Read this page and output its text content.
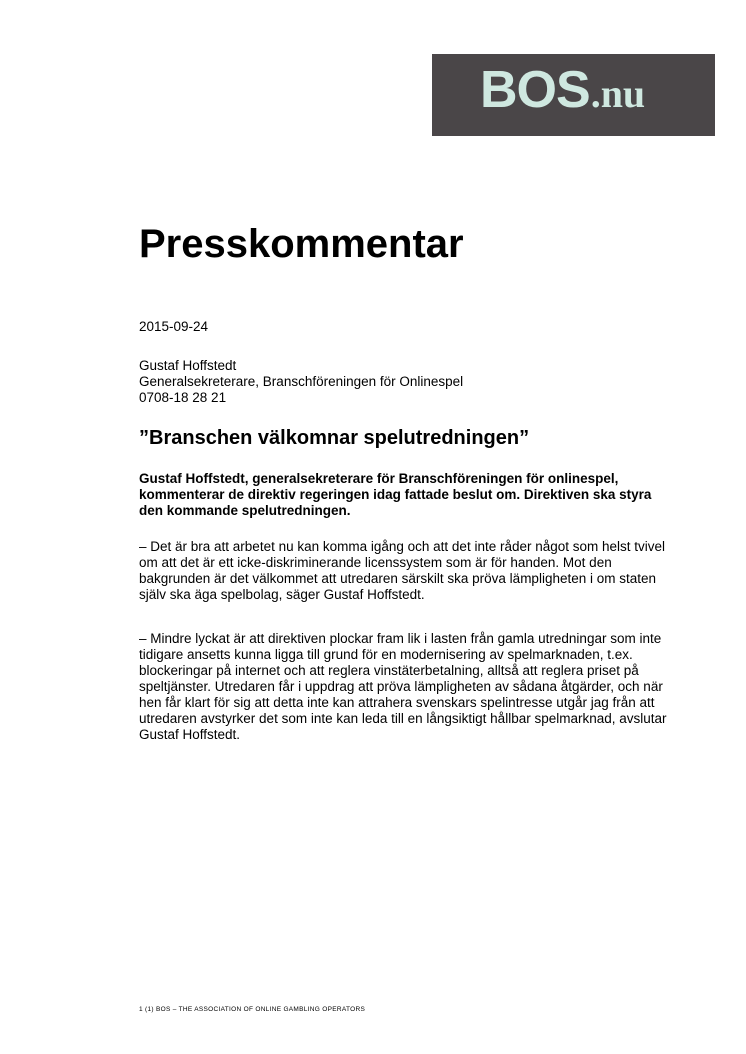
BOS.nu
Presskommentar
2015-09-24
Gustaf Hoffstedt
Generalsekreterare, Branschföreningen för Onlinespel
0708-18 28 21
”Branschen välkomnar spelutredningen”

Gustaf Hoffstedt, generalsekreterare för Branschföreningen för onlinespel, kommenterar de direktiv regeringen idag fattade beslut om. Direktiven ska styra den kommande spelutredningen.

– Det är bra att arbetet nu kan komma igång och att det inte råder något som helst tvivel om att det är ett icke-diskriminerande licenssystem som är för handen. Mot den bakgrunden är det välkommet att utredaren särskilt ska pröva lämpligheten i om staten själv ska äga spelbolag, säger Gustaf Hoffstedt.

– Mindre lyckat är att direktiven plockar fram lik i lasten från gamla utredningar som inte tidigare ansetts kunna ligga till grund för en modernisering av spelmarknaden, t.ex. blockeringar på internet och att reglera vinstäterbetalning, alltså att reglera priset på speltjänster. Utredaren får i uppdrag att pröva lämpligheten av sådana åtgärder, och när hen får klart för sig att detta inte kan attrahera svenskars spelintresse utgår jag från att utredaren avstyrker det som inte kan leda till en långsiktigt hållbar spelmarknad, avslutar Gustaf Hoffstedt.

1 (1) BOS – THE ASSOCIATION OF ONLINE GAMBLING OPERATORS
